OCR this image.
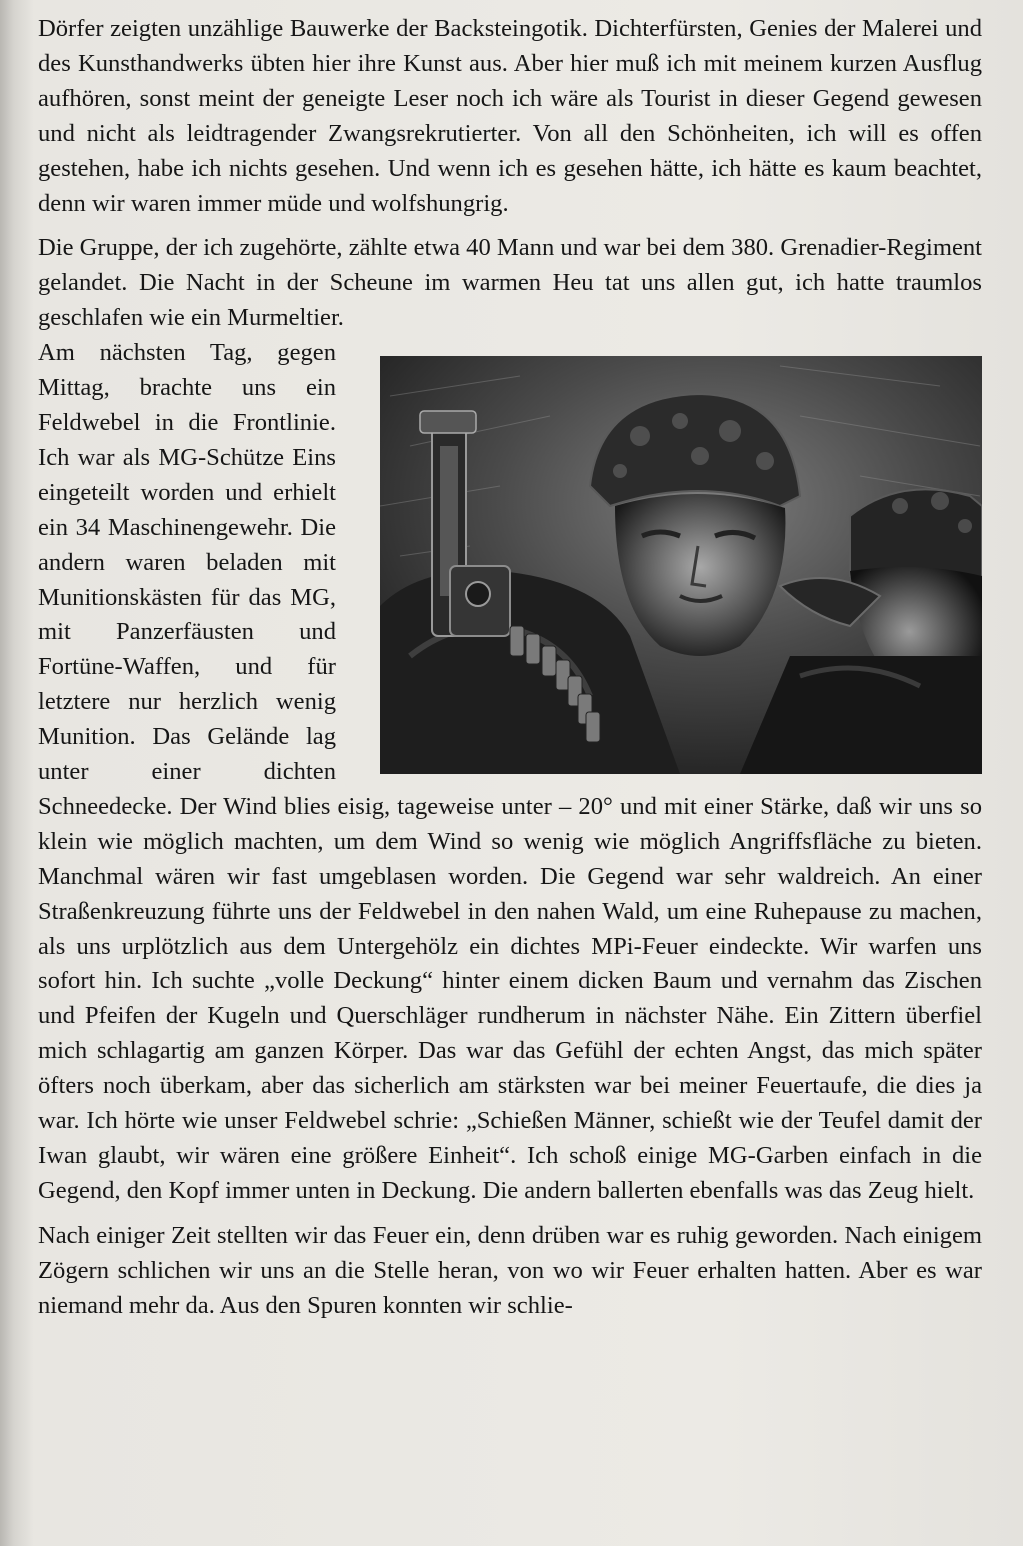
Dörfer zeigten unzählige Bauwerke der Backsteingotik. Dichterfürsten, Genies der Malerei und des Kunsthandwerks übten hier ihre Kunst aus. Aber hier muß ich mit meinem kurzen Ausflug aufhören, sonst meint der geneigte Leser noch ich wäre als Tourist in dieser Gegend gewesen und nicht als leidtragender Zwangsrekrutierter. Von all den Schönheiten, ich will es offen gestehen, habe ich nichts gesehen. Und wenn ich es gesehen hätte, ich hätte es kaum beachtet, denn wir waren immer müde und wolfshungrig.

Die Gruppe, der ich zugehörte, zählte etwa 40 Mann und war bei dem 380. Grenadier-Regiment gelandet. Die Nacht in der Scheune im warmen Heu tat uns allen gut, ich hatte traumlos geschlafen wie ein Murmeltier.

Am nächsten Tag, gegen Mittag, brachte uns ein Feldwebel in die Frontlinie. Ich war als MG-Schütze Eins eingeteilt worden und erhielt ein 34 Maschinengewehr. Die andern waren beladen mit Munitionskästen für das MG, mit Panzerfäusten und Fortüne-Waffen, und für letztere nur herzlich wenig Munition. Das Gelände lag unter einer dichten Schneedecke. Der Wind blies eisig, tageweise unter – 20° und mit einer Stärke, daß wir uns so klein wie möglich machten, um dem Wind so wenig wie möglich Angriffsfläche zu bieten. Manchmal wären wir fast umgeblasen worden. Die Gegend war sehr waldreich. An einer Straßenkreuzung führte uns der Feldwebel in den nahen Wald, um eine Ruhepause zu machen, als uns urplötzlich aus dem Untergehölz ein dichtes MPi-Feuer eindeckte. Wir warfen uns sofort hin. Ich suchte „volle Deckung“ hinter einem dicken Baum und vernahm das Zischen und Pfeifen der Kugeln und Querschläger rundherum in nächster Nähe. Ein Zittern überfiel mich schlagartig am ganzen Körper. Das war das Gefühl der echten Angst, das mich später öfters noch überkam, aber das sicherlich am stärksten war bei meiner Feuertaufe, die dies ja war. Ich hörte wie unser Feldwebel schrie: „Schießen Männer, schießt wie der Teufel damit der Iwan glaubt, wir wären eine größere Einheit“. Ich schoß einige MG-Garben einfach in die Gegend, den Kopf immer unten in Deckung. Die andern ballerten ebenfalls was das Zeug hielt.

Nach einiger Zeit stellten wir das Feuer ein, denn drüben war es ruhig geworden. Nach einigem Zögern schlichen wir uns an die Stelle heran, von wo wir Feuer erhalten hatten. Aber es war niemand mehr da. Aus den Spuren konnten wir schlie-
